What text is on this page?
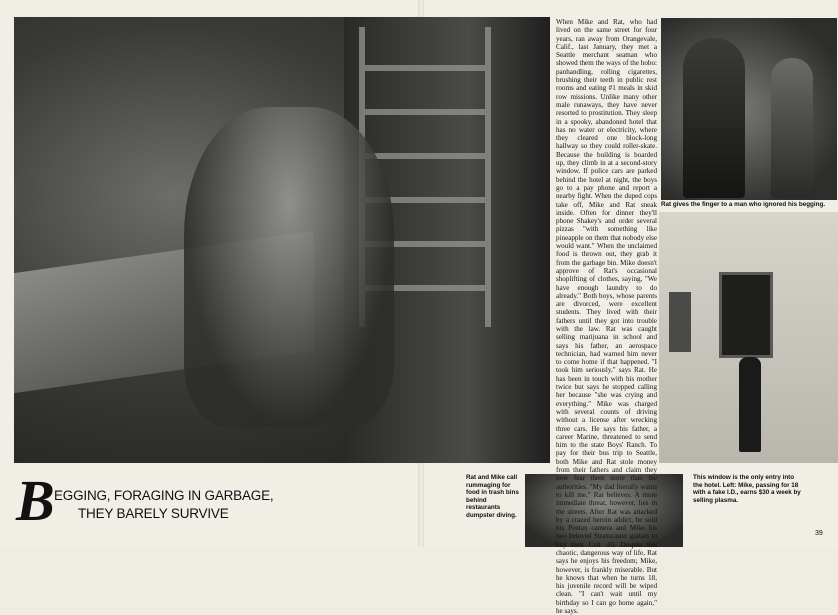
When Mike and Rat, who had lived on the same street for four years, ran away from Orangevale, Calif., last January, they met a Seattle merchant seaman who showed them the ways of the hobo: panhandling, rolling cigarettes, brushing their teeth in public rest rooms and eating #1 meals in skid row missions. Unlike many other male runaways, they have never resorted to prostitution. They sleep in a spooky, abandoned hotel that has no water or electricity, where they cleared one block-long hallway so they could roller-skate. Because the building is boarded up, they climb in at a second-story window. If police cars are parked behind the hotel at night, the boys go to a pay phone and report a nearby fight. When the duped cops take off, Mike and Rat sneak inside. Often for dinner they'll phone Shakey's and order several pizzas "with something like pineapple on them that nobody else would want." When the unclaimed food is thrown out, they grab it from the garbage bin. Mike doesn't approve of Rat's occasional shoplifting of clothes, saying, "We have enough laundry to do already." Both boys, whose parents are divorced, were excellent students. They lived with their fathers until they got into trouble with the law. Rat was caught selling marijuana in school and says his father, an aerospace technician, had warned him never to come home if that happened. "I took him seriously," says Rat. He has been in touch with his mother twice but says he stopped calling her because "she was crying and everything." Mike was charged with several counts of driving without a license after wrecking three cars. He says his father, a career Marine, threatened to send him to the state Boys' Ranch. To pay for their bus trip to Seattle, both Mike and Rat stole money from their fathers and claim they now fear them more than the authorities. "My dad literally wants to kill me," Rat believes. A more immediate threat, however, lies in the streets. After Rat was attacked by a crazed heroin addict, he sold his Pentax camera and Mike his two beloved Stratocaster guitars to buy their Colt .45. Despite this chaotic, dangerous way of life, Rat says he enjoys his freedom; Mike, however, is frankly miserable. But he knows that when he turns 18, his juvenile record will be wiped clean. "I can't wait until my birthday so I can go home again," he says.
B EGGING, FORAGING IN GARBAGE,
THEY BARELY SURVIVE
Rat gives the finger to a man who ignored his begging.
Rat and Mike call rummaging for food in trash bins behind restaurants dumpster diving.
This window is the only entry into the hotel. Left: Mike, passing for 18 with a fake I.D., earns $30 a week by selling plasma.
39
